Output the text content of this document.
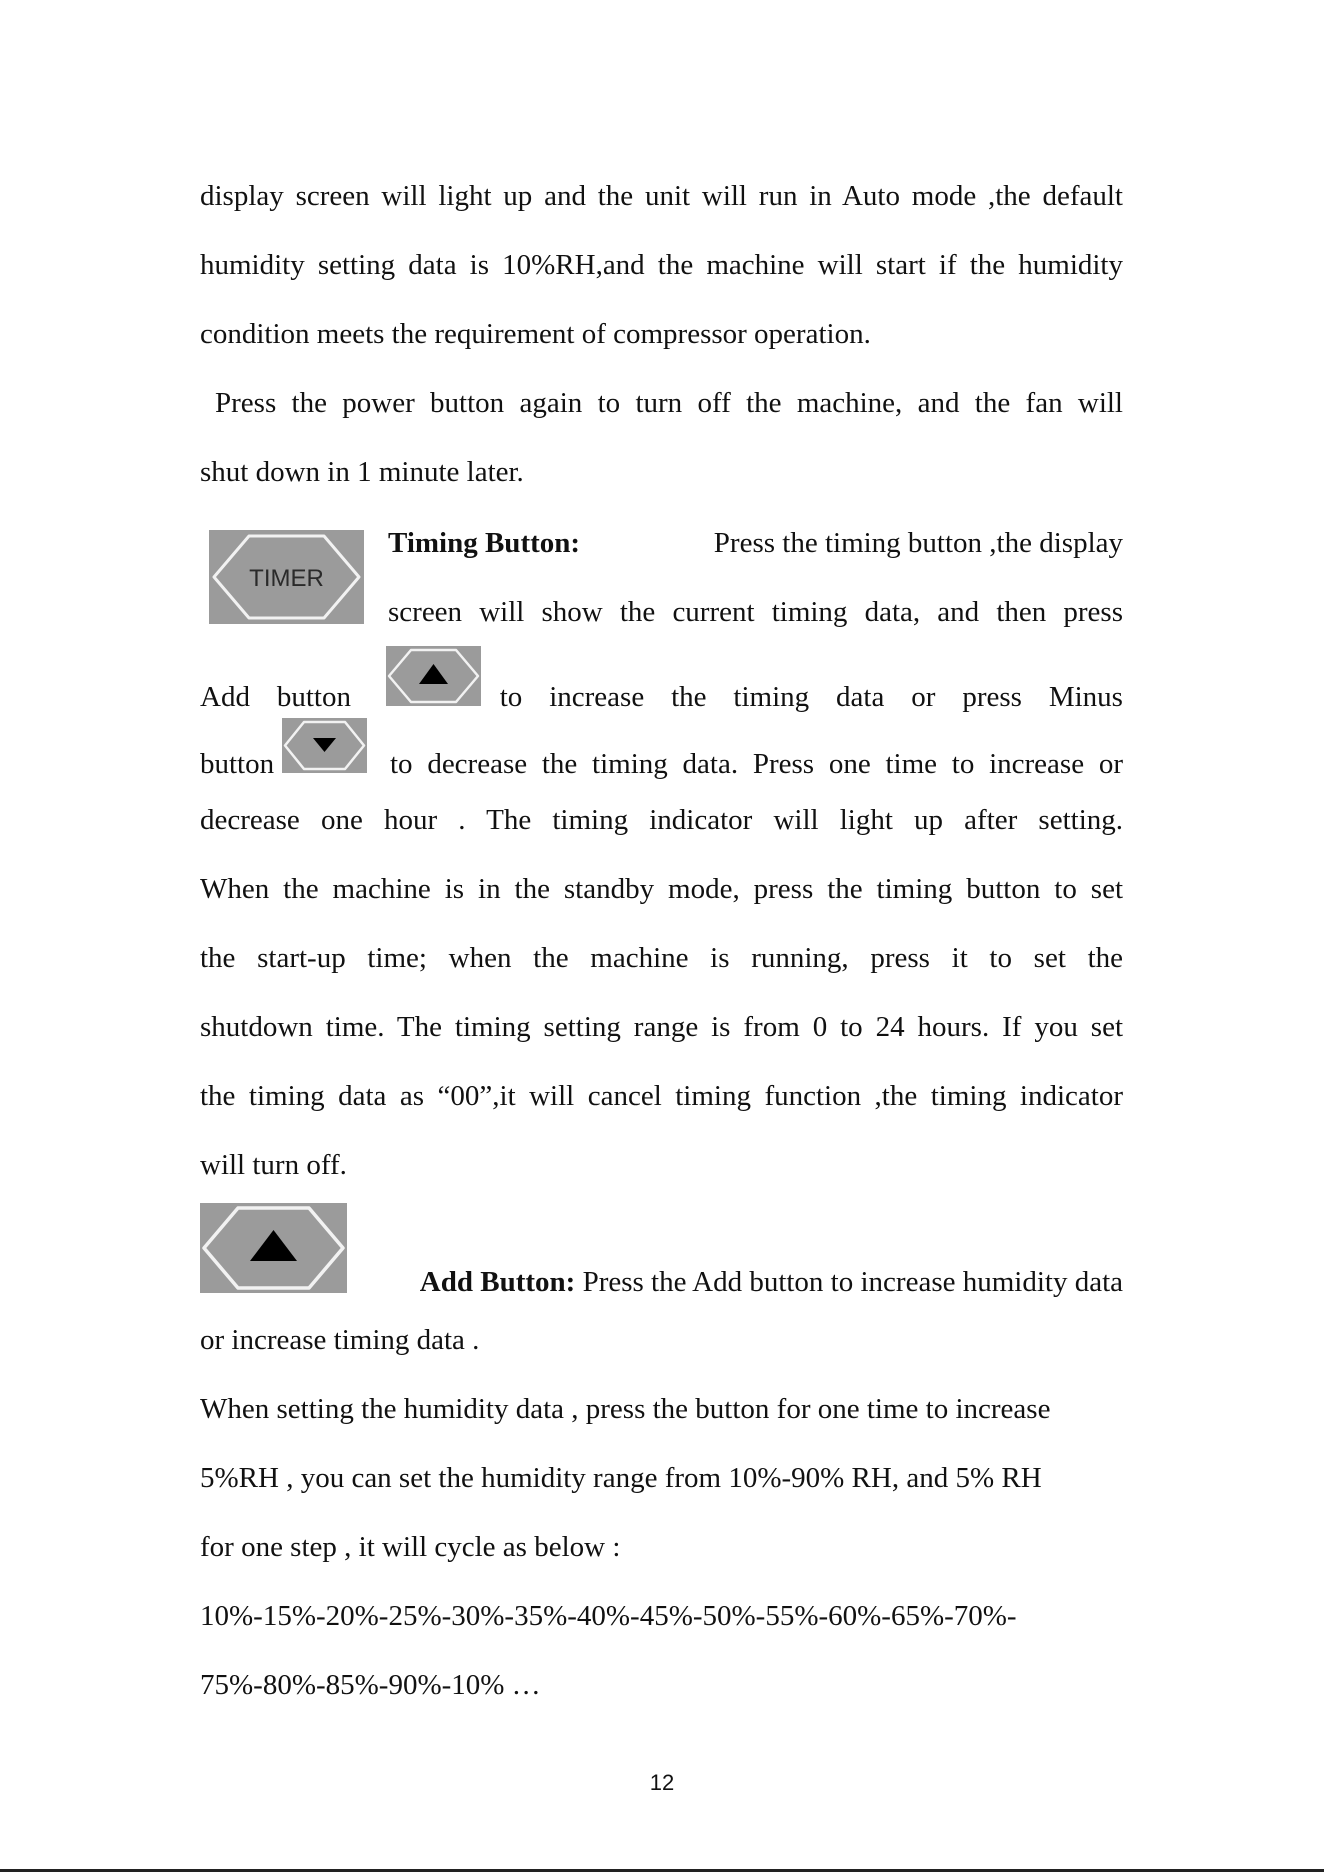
display screen will light up and the unit will run in Auto mode ,the default
humidity setting data is 10%RH,and the machine will start if the humidity
condition meets the requirement of compressor operation.
Press the power button again to turn off the machine, and the fan will
shut down in 1 minute later.
TIMER
Timing Button:	Press the timing button ,the display
screen will show the current timing data, and then press
Add button	to increase the timing data or press Minus
button	to decrease the timing data. Press one time to increase or
decrease one hour . The timing indicator will light up after setting.
When the machine is in the standby mode, press the timing button to set
the start-up time; when the machine is running, press it to set the
shutdown time. The timing setting range is from 0 to 24 hours. If you set
the timing data as “00”,it will cancel timing function ,the timing indicator
will turn off.
Add Button: Press the Add button to increase humidity data
or increase timing data .
When setting the humidity data , press the button for one time to increase
5%RH , you can set the humidity range from 10%-90% RH, and 5% RH
for one step , it will cycle as below :
10%-15%-20%-25%-30%-35%-40%-45%-50%-55%-60%-65%-70%-
75%-80%-85%-90%-10% …
12
